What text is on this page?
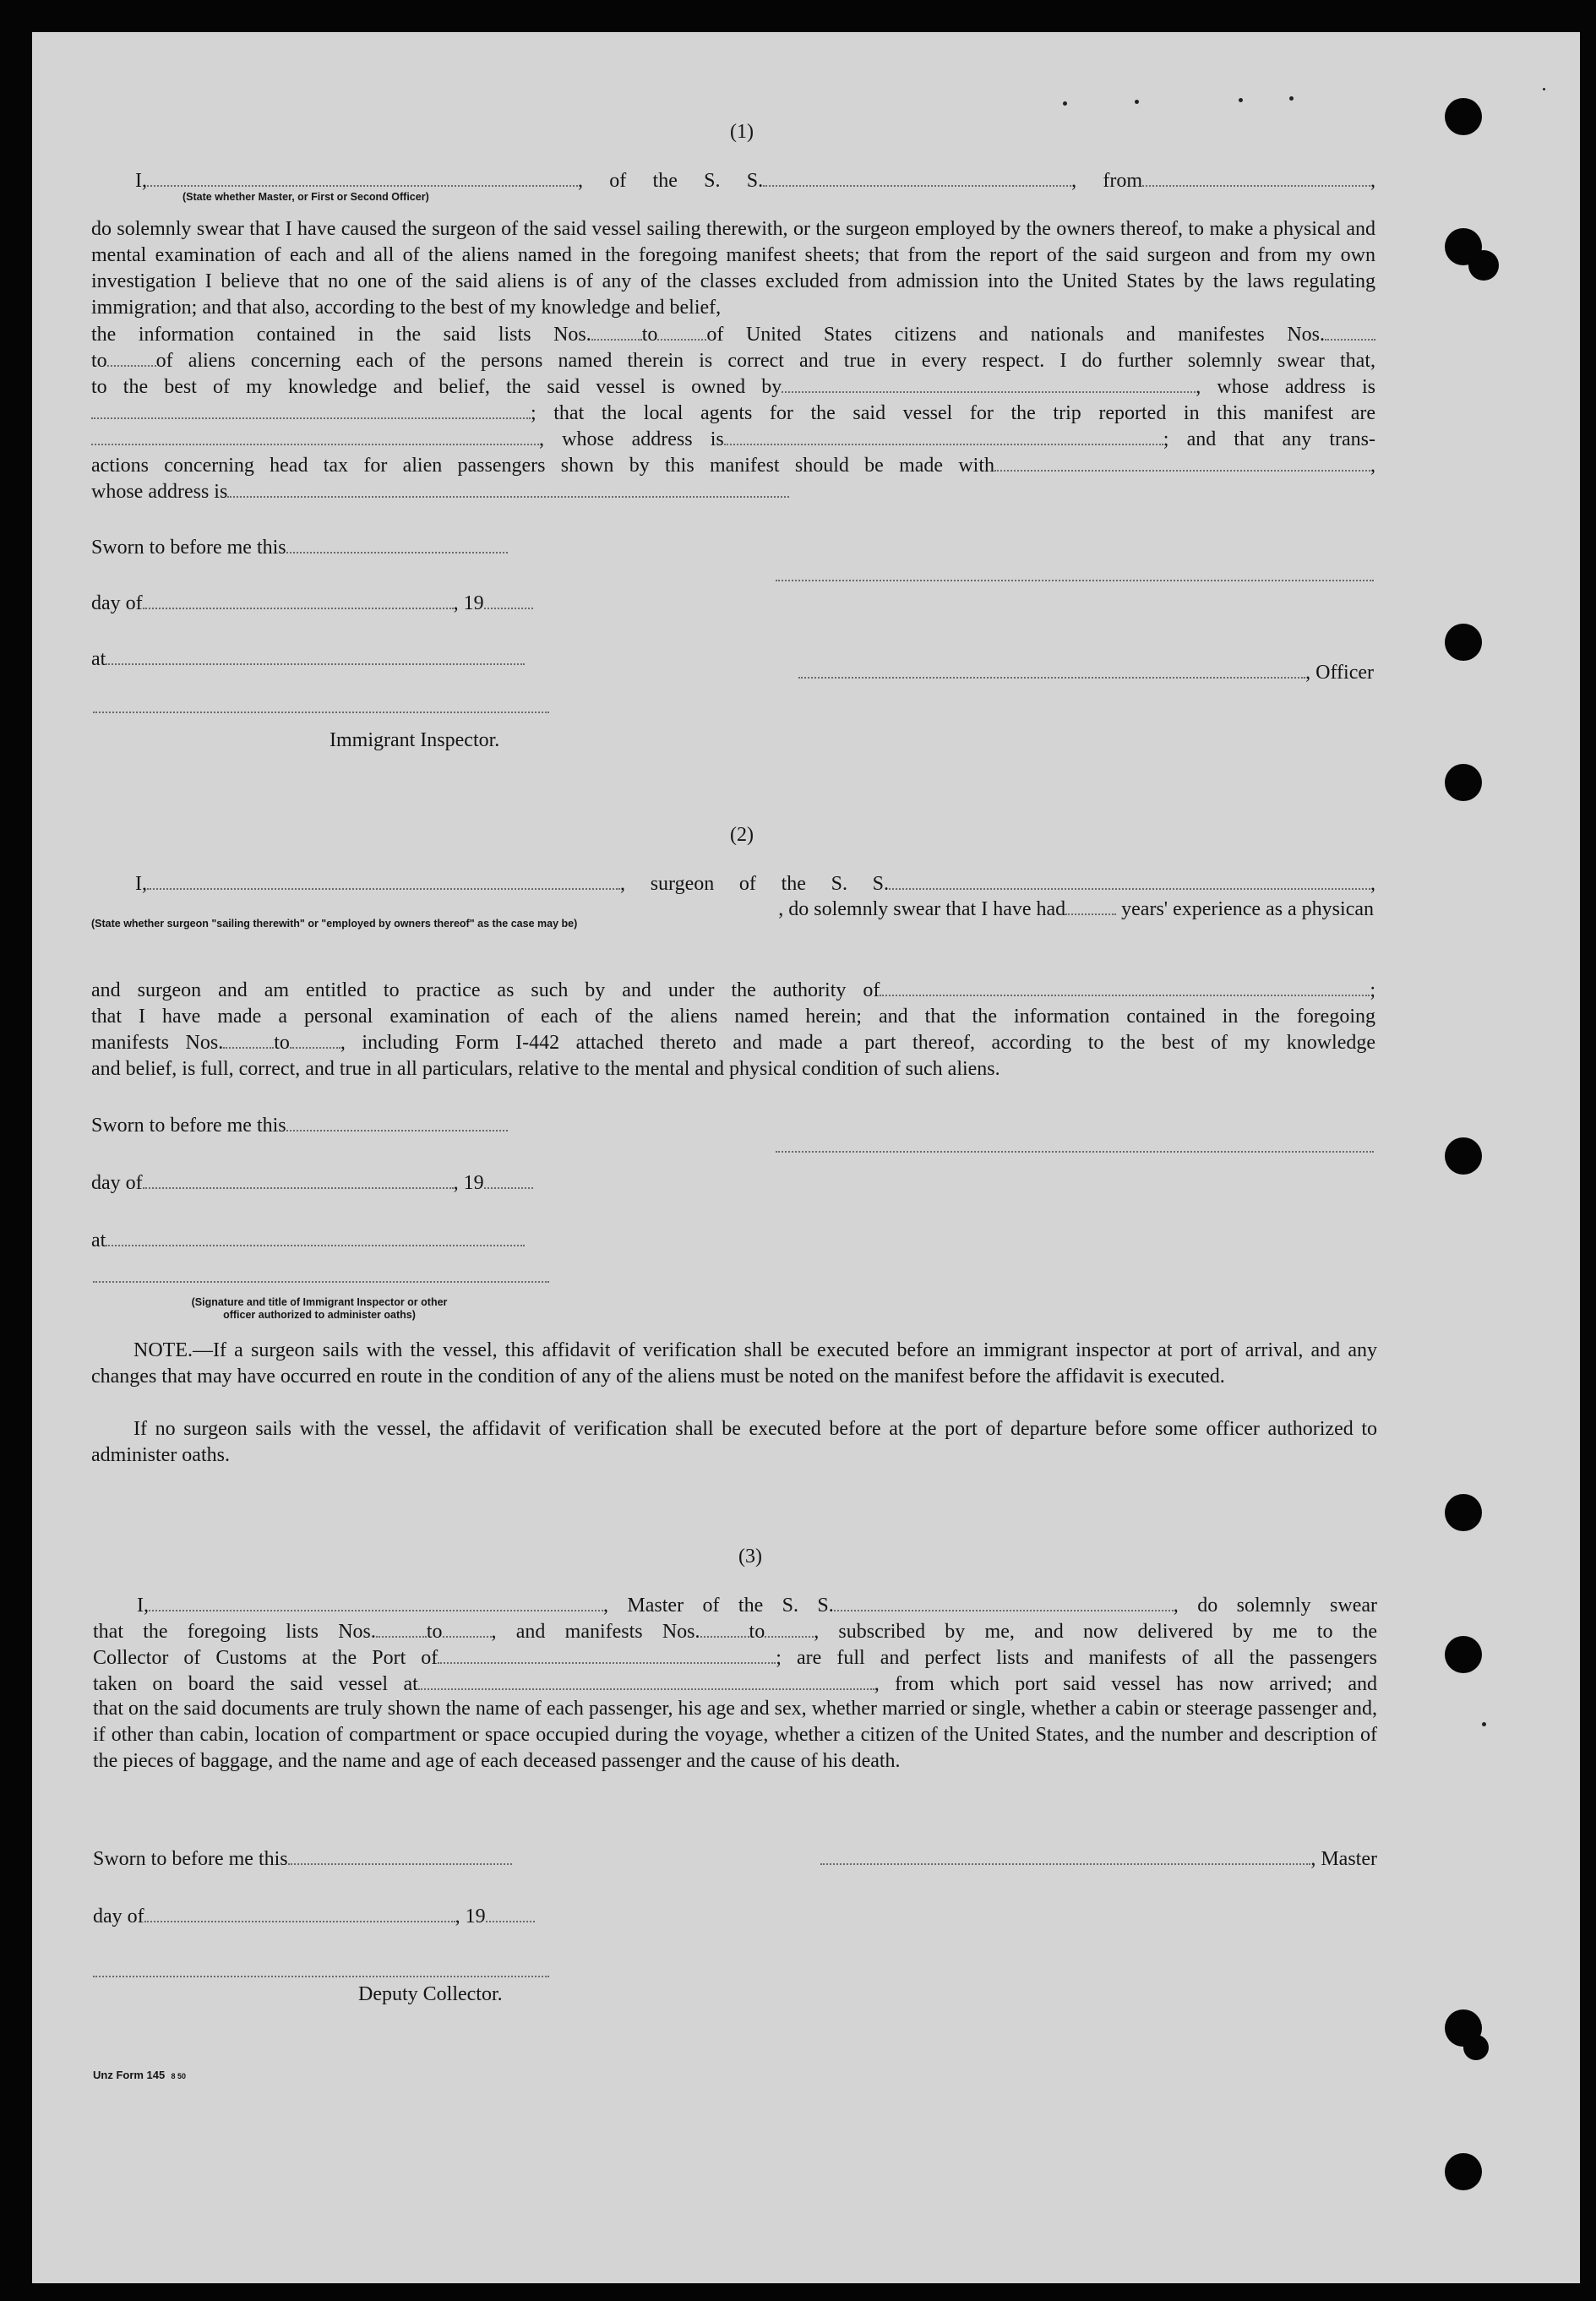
(1)
I,	, of the S. S.	, from	,
(State whether Master, or First or Second Officer)
do solemnly swear that I have caused the surgeon of the said vessel sailing therewith, or the surgeon employed by the owners thereof, to make a physical and mental examination of each and all of the aliens named in the foregoing manifest sheets; that from the report of the said surgeon and from my own investigation I believe that no one of the said aliens is of any of the classes excluded from admission into the United States by the laws regulating immigration; and that also, according to the best of my knowledge and belief,
the information contained in the said lists Nos.	to of United States citizens and nationals and manifestes Nos.
to of aliens concerning each of the persons named therein is correct and true in every respect. I do further solemnly swear that,
to the best of my knowledge and belief, the said vessel is owned by	, whose address is
; that the local agents for the said vessel for the trip reported in this manifest are
, whose address is	; and that any trans-
actions concerning head tax for alien passengers shown by this manifest should be made with	,
whose address is
Sworn to before me this
day of	, 19
at
, Officer
Immigrant Inspector.
(2)
I,	, surgeon of the S. S.	,
, do solemnly swear that I have had	years' experience as a physican
(State whether surgeon "sailing therewith" or "employed by owners thereof" as the case may be)
and surgeon and am entitled to practice as such by and under the authority of	;
that I have made a personal examination of each of the aliens named herein; and that the information contained in the foregoing
manifests Nos.	to	, including Form I-442 attached thereto and made a part thereof, according to the best of my knowledge
and belief, is full, correct, and true in all particulars, relative to the mental and physical condition of such aliens.
Sworn to before me this
day of	, 19
at
(Signature and title of Immigrant Inspector or other
officer authorized to administer oaths)
NOTE.—If a surgeon sails with the vessel, this affidavit of verification shall be executed before an immigrant inspector at port of arrival, and any changes that may have occurred en route in the condition of any of the aliens must be noted on the manifest before the affidavit is executed.
If no surgeon sails with the vessel, the affidavit of verification shall be executed before at the port of departure before some officer authorized to administer oaths.
(3)
I,	, Master of the S. S.	, do solemnly swear
that the foregoing lists Nos.	to , and manifests Nos. to , subscribed by me, and now delivered by me to the
Collector of Customs at the Port of	; are full and perfect lists and manifests of all the passengers
taken on board the said vessel at	, from which port said vessel has now arrived; and
that on the said documents are truly shown the name of each passenger, his age and sex, whether married or single, whether a cabin or steerage passenger and, if other than cabin, location of compartment or space occupied during the voyage, whether a citizen of the United States, and the number and description of the pieces of baggage, and the name and age of each deceased passenger and the cause of his death.
Sworn to before me this	, Master
day of	, 19
Deputy Collector.
Unz Form 145 8 50
